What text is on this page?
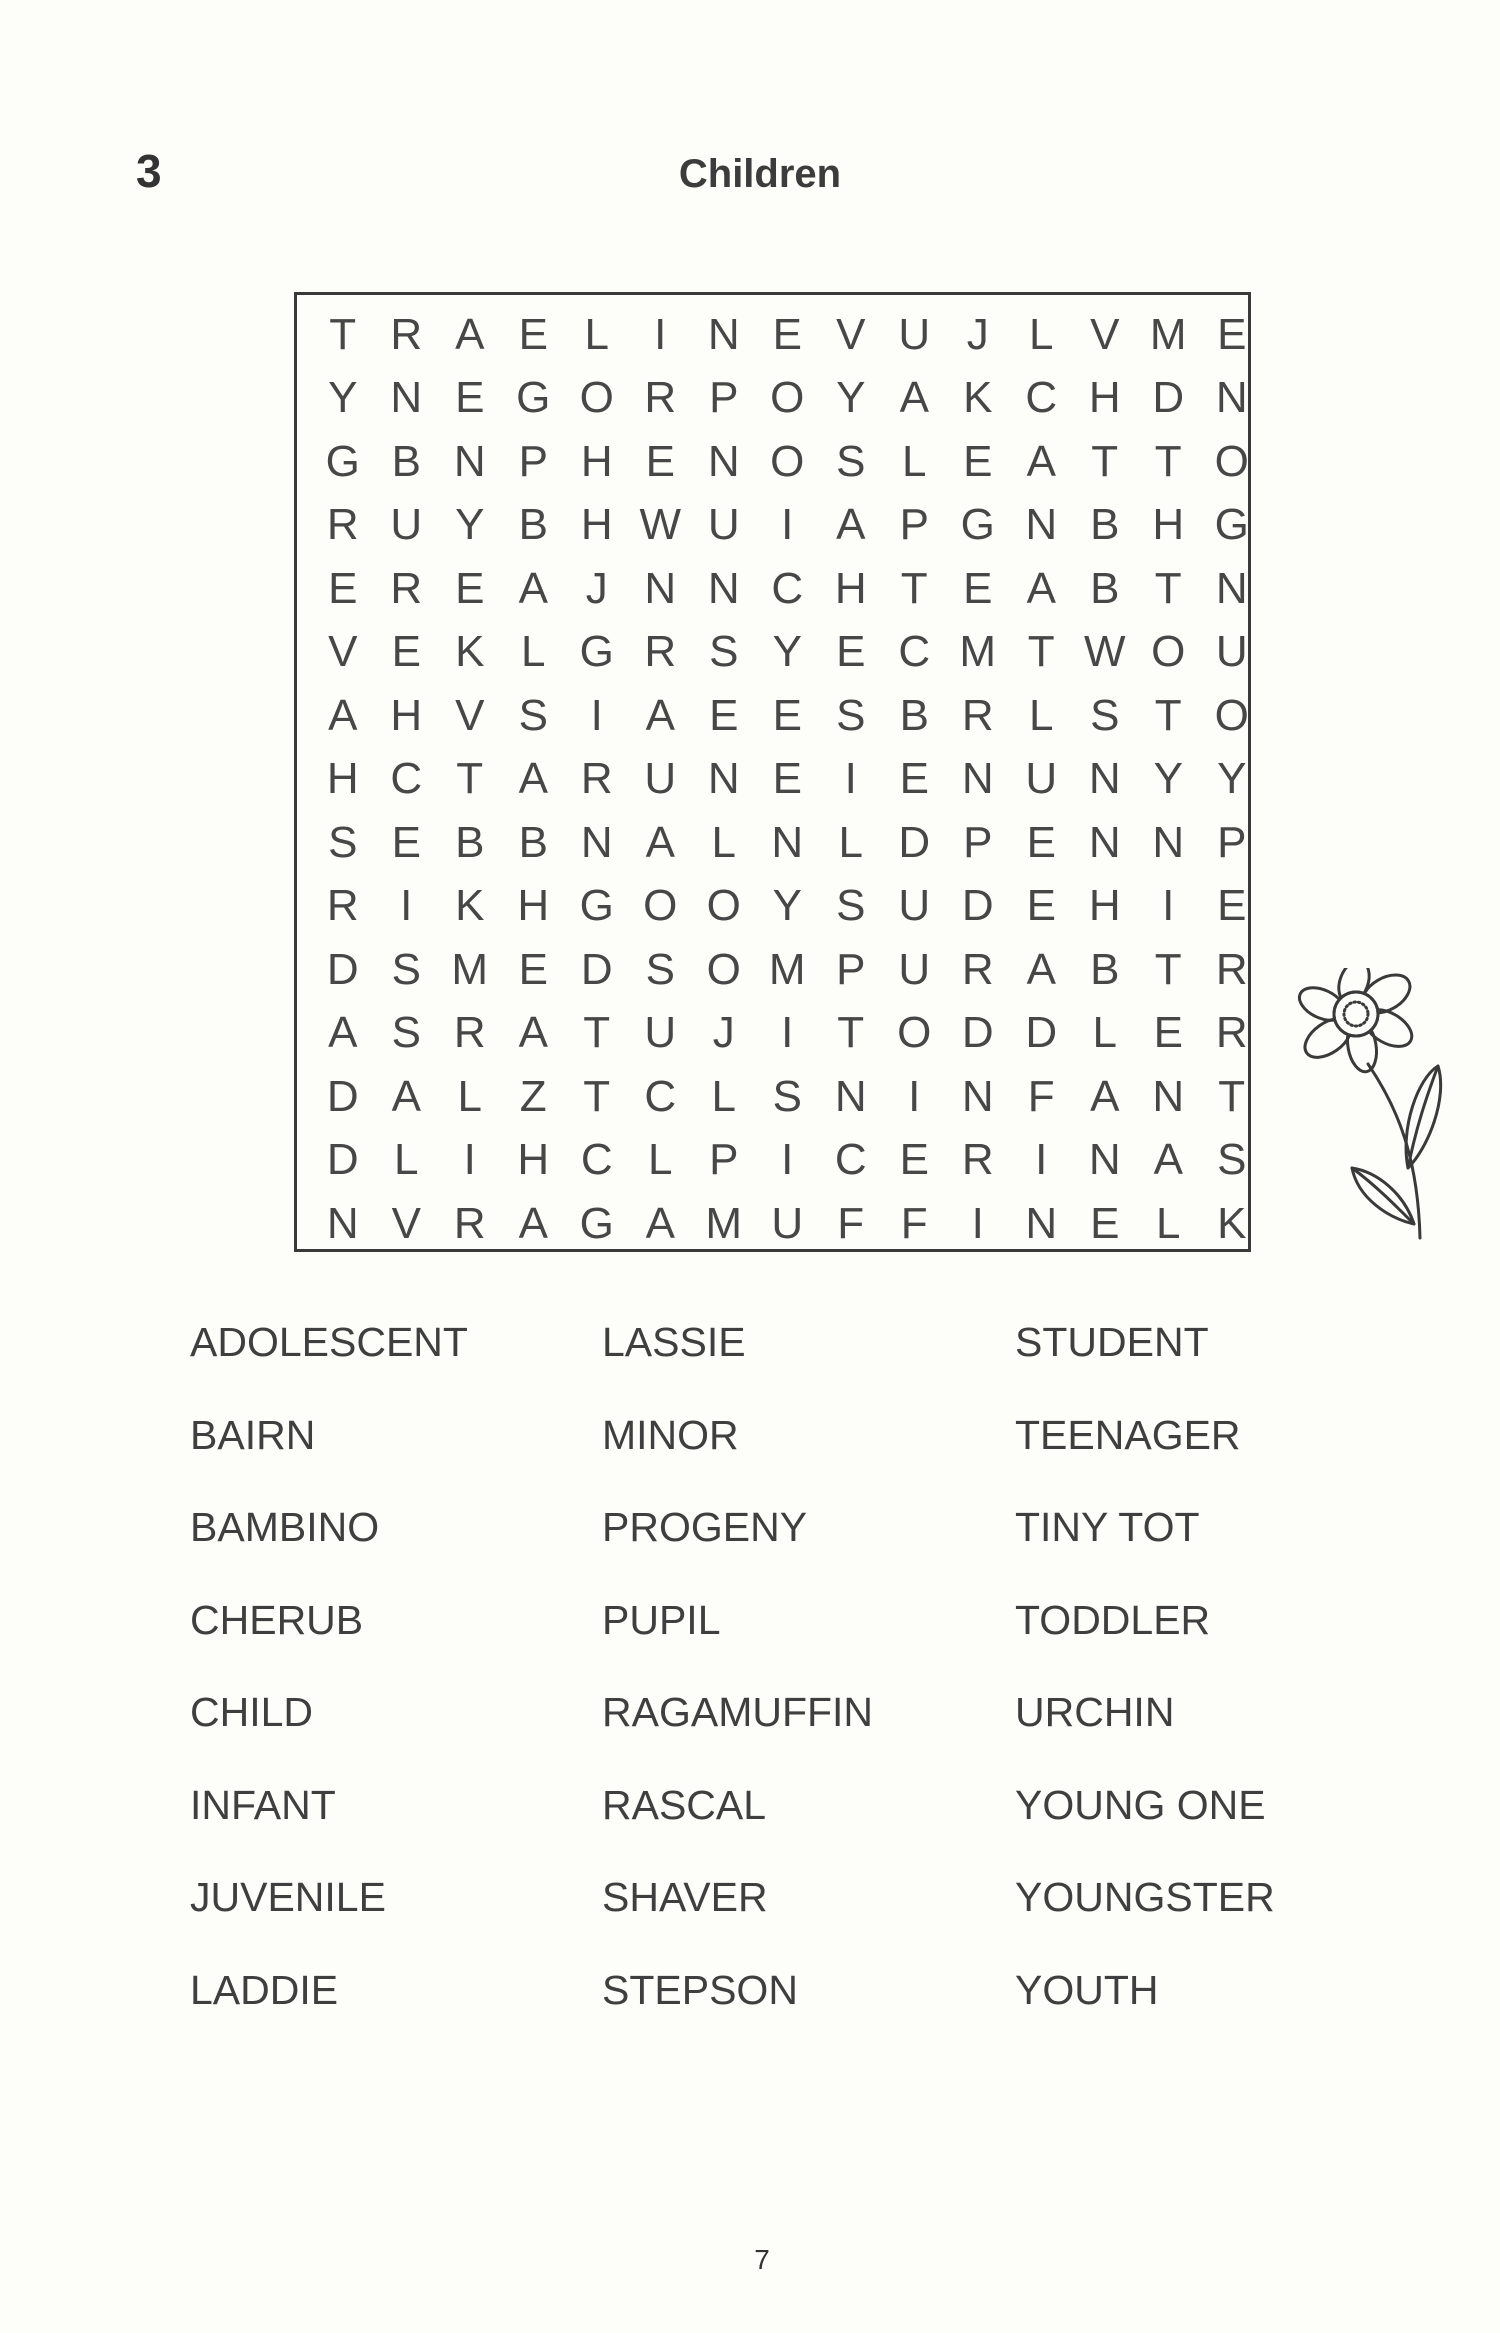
3	Children
T R A E L	I N E V U J L V M E
Y N E G O R P O Y A K C H D N
G B N P H E N O S L E A T T O
R U Y B H W U I A P G N B H G
E R E A J N N C H T E A B T N
V E K L G R S Y E C M T W O U
A H V S I A E E S B R L S T O
H C T A R U N E I E N U N Y Y
S E B B N A L N L D P E N N P
R I K H G O O Y S U D E H I E
D S M E D S O M P U R A B T R
A S R A T U J	I T O D D L E R
D A L Z T C L S N I N F A N T
D L	I H C L P I C E R I N A S
N V R A G A M U F F I N E L K
ADOLESCENT	LASSIE	STUDENT
BAIRN	MINOR	TEENAGER
BAMBINO	PROGENY	TINY TOT
CHERUB	PUPIL	TODDLER
CHILD	RAGAMUFFIN	URCHIN
INFANT	RASCAL	YOUNG ONE
JUVENILE	SHAVER	YOUNGSTER
LADDIE	STEPSON	YOUTH
7
